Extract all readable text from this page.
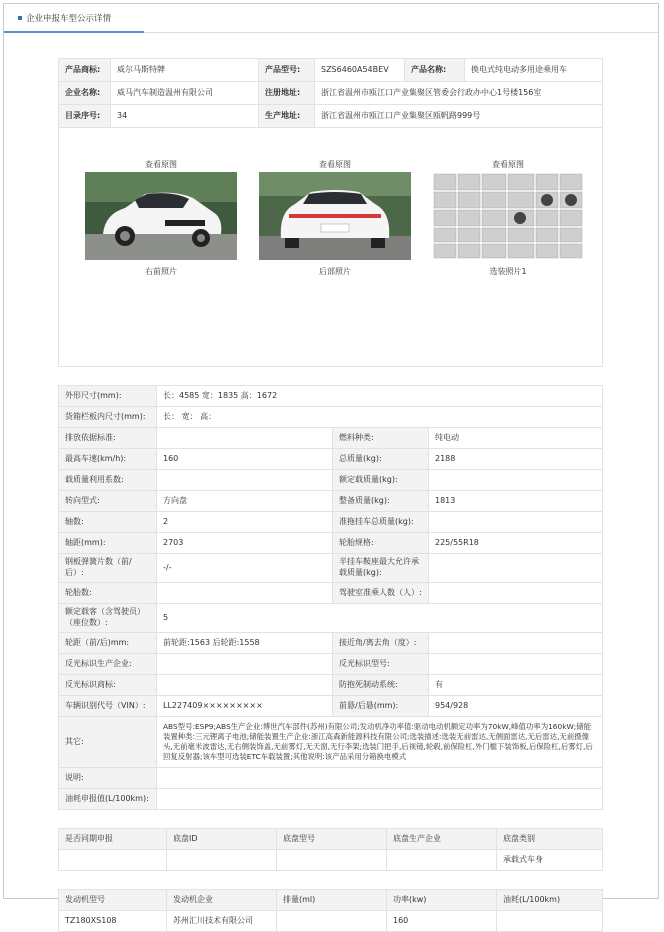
企业申报车型公示详情
产品商标:	威尔马斯特牌	产品型号:	SZS6460A54BEV	产品名称:	换电式纯电动多用途乘用车
企业名称:	威马汽车制造温州有限公司	注册地址:	浙江省温州市瓯江口产业集聚区管委会行政办中心1号楼156室		
目录序号:	34	生产地址:	浙江省温州市瓯江口产业集聚区瓯帆路999号		
查看原图
右前照片
查看原图
后部照片
查看原图
选装照片1
外形尺寸(mm):	长：4585 宽：1835 高：1672		
货箱栏板内尺寸(mm):	长： 宽： 高：		
排放依据标准:		燃料种类:	纯电动
最高车速(km/h):	160	总质量(kg):	2188
载质量利用系数:		额定载质量(kg):	
转向型式:	方向盘	整备质量(kg):	1813
轴数:	2	准拖挂车总质量(kg):	
轴距(mm):	2703	轮胎规格:	225/55R18
钢板弹簧片数（前/后）:	-/-	半挂车鞍座最大允许承载质量(kg):	
轮胎数:		驾驶室准乘人数（人）:	
额定载客（含驾驶员）（座位数）:	5		
轮距（前/后)mm:	前轮距:1563 后轮距:1558	接近角/离去角（度）:	
反光标识生产企业:		反光标识型号:	
反光标识商标:		防抱死制动系统:	有
车辆识别代号（VIN）:	LL227409×××××××××	前悬/后悬(mm):	954/928
其它:	ABS型号:ESP9;ABS生产企业:博世汽车部件(苏州)有限公司;发动机净功率值:驱动电动机额定功率为70kW,峰值功率为160kW;储能装置种类:三元锂离子电池;储能装置生产企业:浙江高森新能源科技有限公司;选装描述:选装无前雷达,无侧面雷达,无后雷达,无前摄像头,无前毫米波雷达,无右侧装饰盖,无前雾灯,无天窗,无行李架;选装门把手,后视镜,轮毂,前保险杠,外门槛下装饰板,后保险杠,后雾灯,后回复反射器;该车型可选装ETC车载装置;其他说明:该产品采用分箱换电模式		
说明:			
油耗申报值(L/100km):			
是否同期申报	底盘ID	底盘型号	底盘生产企业	底盘类别
				承载式车身
发动机型号	发动机企业	排量(ml)	功率(kw)	油耗(L/100km)
TZ180XS108	苏州汇川技术有限公司		160	
